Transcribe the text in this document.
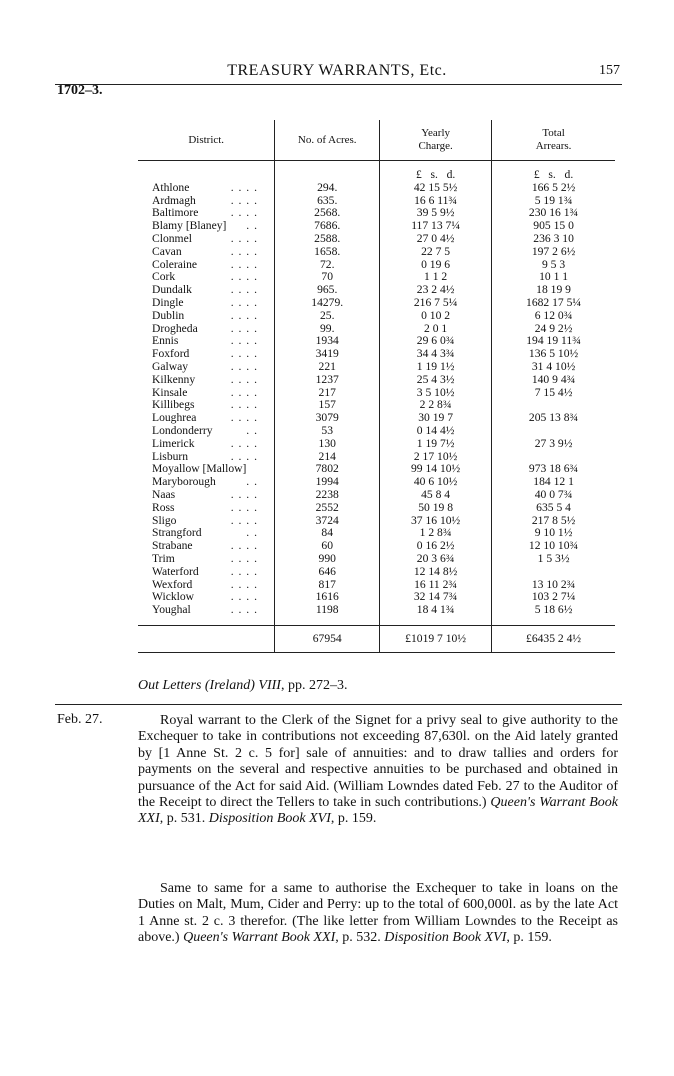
TREASURY WARRANTS, Etc.	157
1702–3.
District.	No. of Acres.	Yearly Charge.	Total Arrears.
		£ s. d.	£ s. d.
Athlone . . . .	294.	42 15 5½	166 5 2½
Ardmagh . . . .	635.	16 6 11¾	5 19 1¾
Baltimore . . . .	2568.	39 5 9½	230 16 1¾
Blamy [Blaney] . .	7686.	117 13 7¼	905 15 0
Clonmel . . . .	2588.	27 0 4½	236 3 10
Cavan . . . .	1658.	22 7 5	197 2 6½
Coleraine . . . .	72.	0 19 6	9 5 3
Cork . . . .	70	1 1 2	10 1 1
Dundalk . . . .	965.	23 2 4½	18 19 9
Dingle . . . .	14279.	216 7 5¼	1682 17 5¼
Dublin . . . .	25.	0 10 2	6 12 0¾
Drogheda . . . .	99.	2 0 1	24 9 2½
Ennis . . . .	1934	29 6 0¾	194 19 11¾
Foxford . . . .	3419	34 4 3¾	136 5 10½
Galway . . . .	221	1 19 1½	31 4 10½
Kilkenny . . . .	1237	25 4 3½	140 9 4¾
Kinsale . . . .	217	3 5 10½	7 15 4½
Killibegs . . . .	157	2 2 8¾	
Loughrea . . . .	3079	30 19 7	205 13 8¾
Londonderry . .	53	0 14 4½	
Limerick . . . .	130	1 19 7½	27 3 9½
Lisburn . . . .	214	2 17 10½	
Moyallow [Mallow]	7802	99 14 10½	973 18 6¾
Maryborough . .	1994	40 6 10½	184 12 1
Naas . . . .	2238	45 8 4	40 0 7¾
Ross . . . .	2552	50 19 8	635 5 4
Sligo . . . .	3724	37 16 10½	217 8 5½
Strangford . .	84	1 2 8¾	9 10 1½
Strabane . . . .	60	0 16 2½	12 10 10¾
Trim . . . .	990	20 3 6¾	1 5 3½
Waterford . . . .	646	12 14 8½	
Wexford . . . .	817	16 11 2¾	13 10 2¾
Wicklow . . . .	1616	32 14 7¾	103 2 7¼
Youghal . . . .	1198	18 4 1¾	5 18 6½

	67954	£1019 7 10½	£6435 2 4½
Out Letters (Ireland) VIII, pp. 272–3.
Feb. 27.	Royal warrant to the Clerk of the Signet for a privy seal to give authority to the Exchequer to take in contributions not exceeding 87,630l. on the Aid lately granted by [1 Anne St. 2 c. 5 for] sale of annuities: and to draw tallies and orders for payments on the several and respective annuities to be purchased and obtained in pursuance of the Act for said Aid. (William Lowndes dated Feb. 27 to the Auditor of the Receipt to direct the Tellers to take in such contributions.) Queen's Warrant Book XXI, p. 531. Disposition Book XVI, p. 159.
Same to same for a same to authorise the Exchequer to take in loans on the Duties on Malt, Mum, Cider and Perry: up to the total of 600,000l. as by the late Act 1 Anne st. 2 c. 3 therefor. (The like letter from William Lowndes to the Receipt as above.) Queen's Warrant Book XXI, p. 532. Disposition Book XVI, p. 159.
